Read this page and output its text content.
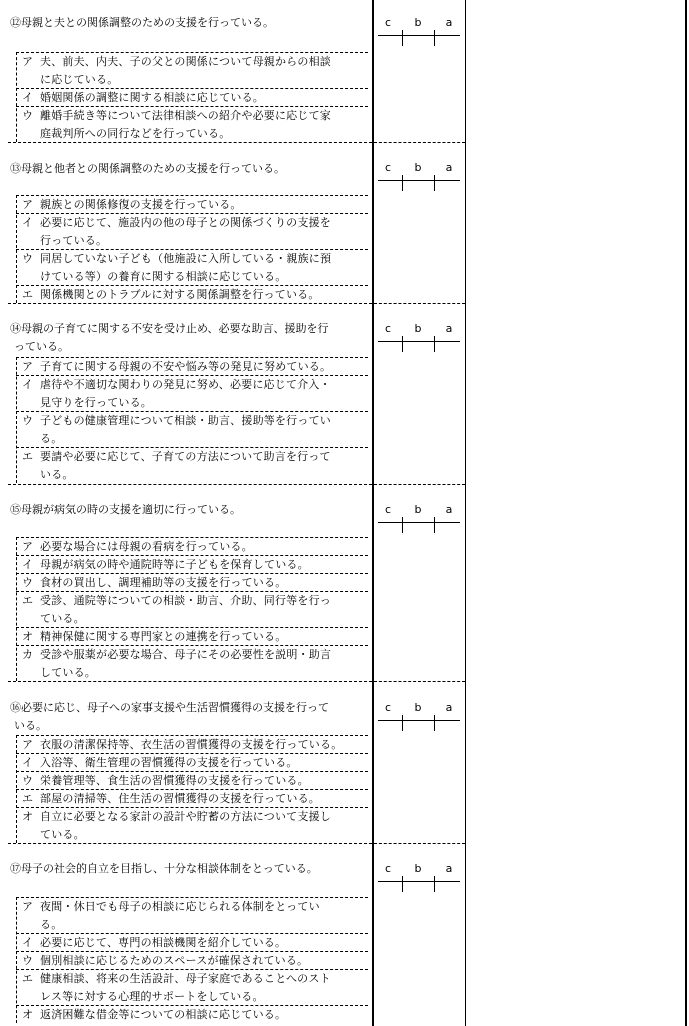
⑫母親と夫との関係調整のための支援を行っている。
ア 夫、前夫、内夫、子の父との関係について母親からの相談
に応じている。
イ 婚姻関係の調整に関する相談に応じている。
ウ 離婚手続き等について法律相談への紹介や必要に応じて家
庭裁判所への同行などを行っている。
c	b	a
⑬母親と他者との関係調整のための支援を行っている。
ア 親族との関係修復の支援を行っている。
イ 必要に応じて、施設内の他の母子との関係づくりの支援を
行っている。
ウ 同居していない子ども（他施設に入所している・親族に預
けている等）の養育に関する相談に応じている。
エ 関係機関とのトラブルに対する関係調整を行っている。
c	b	a
⑭母親の子育てに関する不安を受け止め、必要な助言、援助を行
っている。
ア 子育てに関する母親の不安や悩み等の発見に努めている。
イ 虐待や不適切な関わりの発見に努め、必要に応じて介入・
見守りを行っている。
ウ 子どもの健康管理について相談・助言、援助等を行ってい
る。
エ 要請や必要に応じて、子育ての方法について助言を行って
いる。
c	b	a
⑮母親が病気の時の支援を適切に行っている。
ア 必要な場合には母親の看病を行っている。
イ 母親が病気の時や通院時等に子どもを保育している。
ウ 食材の買出し、調理補助等の支援を行っている。
エ 受診、通院等についての相談・助言、介助、同行等を行っ
ている。
オ 精神保健に関する専門家との連携を行っている。
カ 受診や服薬が必要な場合、母子にその必要性を説明・助言
している。
c	b	a
⑯必要に応じ、母子への家事支援や生活習慣獲得の支援を行って
いる。
ア 衣服の清潔保持等、衣生活の習慣獲得の支援を行っている。
イ 入浴等、衛生管理の習慣獲得の支援を行っている。
ウ 栄養管理等、食生活の習慣獲得の支援を行っている。
エ 部屋の清掃等、住生活の習慣獲得の支援を行っている。
オ 自立に必要となる家計の設計や貯蓄の方法について支援し
ている。
c	b	a
⑰母子の社会的自立を目指し、十分な相談体制をとっている。
ア 夜間・休日でも母子の相談に応じられる体制をとってい
る。
イ 必要に応じて、専門の相談機関を紹介している。
ウ 個別相談に応じるためのスペースが確保されている。
エ 健康相談、将来の生活設計、母子家庭であることへのスト
レス等に対する心理的サポートをしている。
オ 返済困難な借金等についての相談に応じている。
c	b	a
